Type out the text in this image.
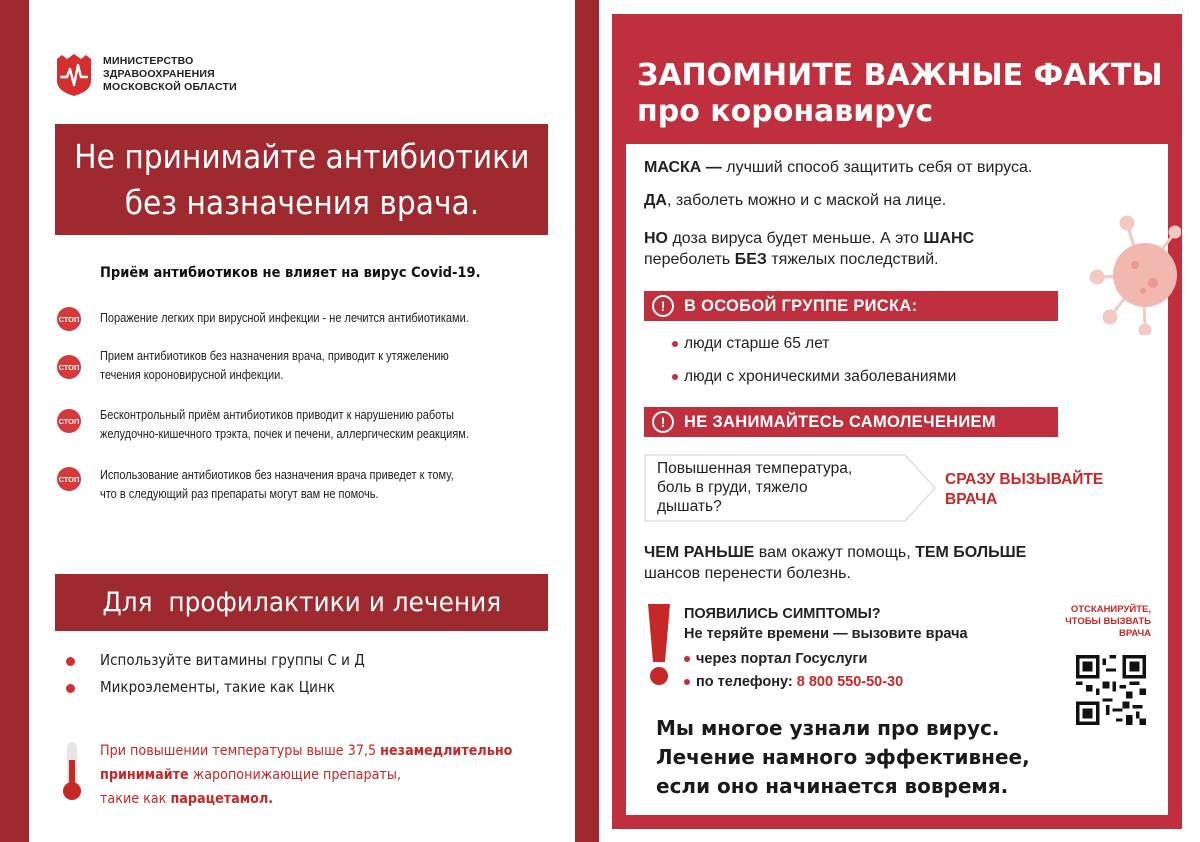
МИНИСТЕРСТВО
ЗДРАВООХРАНЕНИЯ
МОСКОВСКОЙ ОБЛАСТИ
Не принимайте антибиотики
без назначения врача.
Приём антибиотиков не влияет на вирус Covid-19.
СТОП Поражение легких при вирусной инфекции - не лечится антибиотиками.
СТОП
Прием антибиотиков без назначения врача, приводит к утяжелению
течения короновирусной инфекции.
СТОП Бесконтрольный приём антибиотиков приводит к нарушению работы
желудочно-кишечного трэкта, почек и печени, аллергическим реакциям.
СТОП Использование антибиотиков без назначения врача приведет к тому,
что в следующий раз препараты могут вам не помочь.
Для  профилактики и лечения
Используйте витамины группы С и Д
Микроэлементы, такие как Цинк
При повышении температуры выше 37,5 незамедлительно
принимайте жаропонижающие препараты,
такие как парацетамол.
ЗАПОМНИТЕ ВАЖНЫЕ ФАКТЫ
про коронавирус
МАСКА — лучший способ защитить себя от вируса.
ДА, заболеть можно и с маской на лице.
НО доза вируса будет меньше. А это ШАНС
переболеть БЕЗ тяжелых последствий.
!	В ОСОБОЙ ГРУППЕ РИСКА:
люди старше 65 лет
люди с хроническими заболеваниями
!	НЕ ЗАНИМАЙТЕСЬ САМОЛЕЧЕНИЕМ
Повышенная температура,
боль в груди, тяжело
дышать?
СРАЗУ ВЫЗЫВАЙТЕ
ВРАЧА
ЧЕМ РАНЬШЕ вам окажут помощь, ТЕМ БОЛЬШЕ
шансов перенести болезнь.
ПОЯВИЛИСЬ СИМПТОМЫ?
Не теряйте времени — вызовите врача
через портал Госуслуги
по телефону: 8 800 550-50-30
ОТСКАНИРУЙТЕ,
ЧТОБЫ ВЫЗВАТЬ
ВРАЧА
Мы многое узнали про вирус.
Лечение намного эффективнее,
если оно начинается вовремя.
